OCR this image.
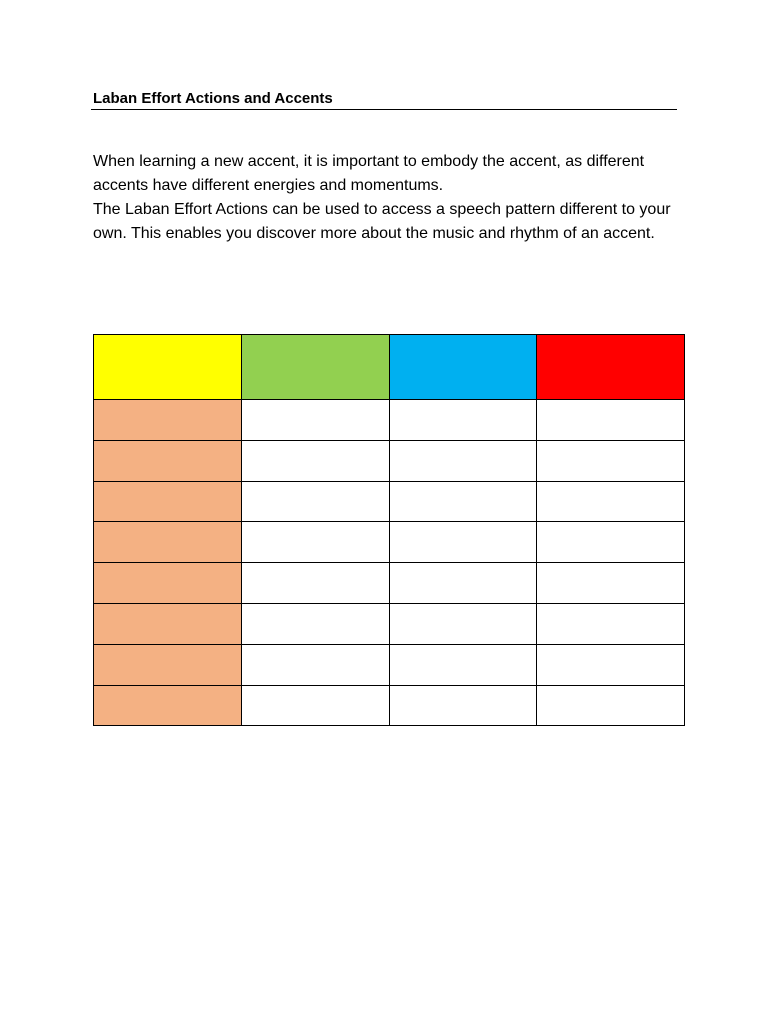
Laban Effort Actions and Accents

When learning a new accent, it is important to embody the accent, as different accents have different energies and momentums.

The Laban Effort Actions can be used to access a speech pattern different to your own. This enables you discover more about the music and rhythm of an accent.
